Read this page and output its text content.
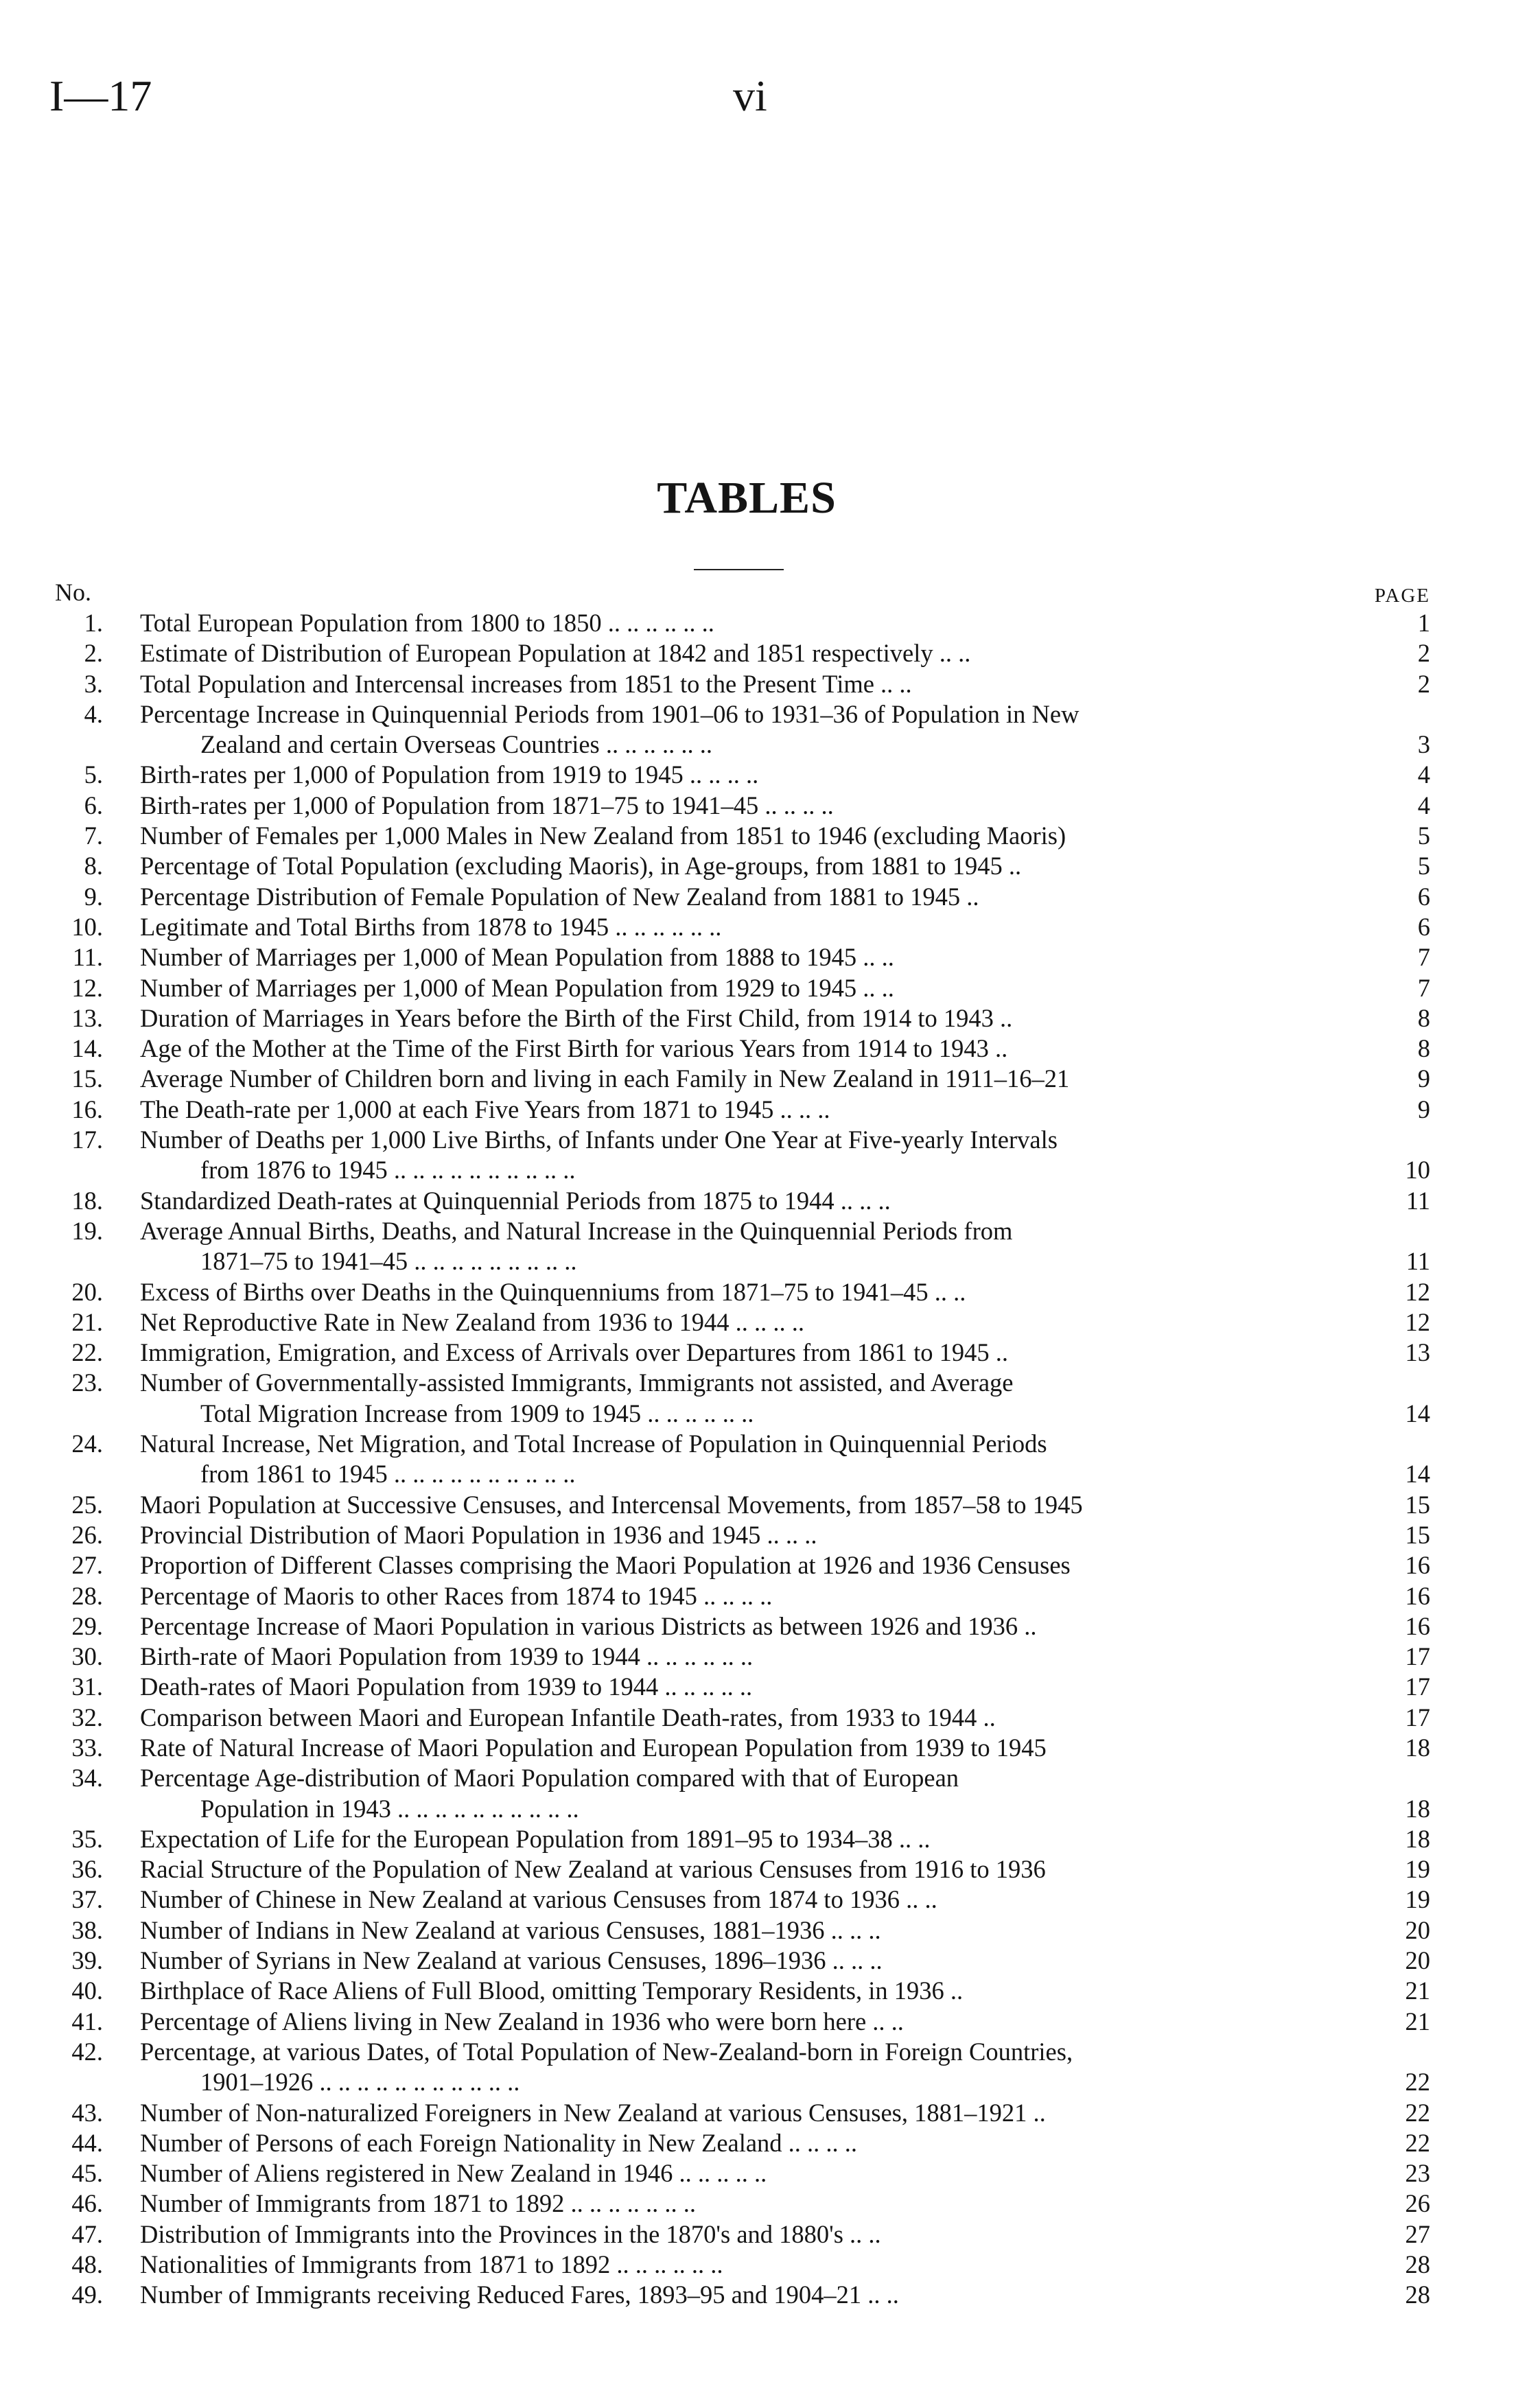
I—17	vi
TABLES
No.	PAGE
1. Total European Population from 1800 to 1850 .. .. .. .. .. ..	1
2. Estimate of Distribution of European Population at 1842 and 1851 respectively .. ..	2
3. Total Population and Intercensal increases from 1851 to the Present Time .. ..	2
4. Percentage Increase in Quinquennial Periods from 1901–06 to 1931–36 of Population in New
Zealand and certain Overseas Countries .. .. .. .. .. ..	3
5. Birth-rates per 1,000 of Population from 1919 to 1945 .. .. .. ..	4
6. Birth-rates per 1,000 of Population from 1871–75 to 1941–45 .. .. .. ..	4
7. Number of Females per 1,000 Males in New Zealand from 1851 to 1946 (excluding Maoris)	5
8. Percentage of Total Population (excluding Maoris), in Age-groups, from 1881 to 1945 ..	5
9. Percentage Distribution of Female Population of New Zealand from 1881 to 1945 ..	6
10. Legitimate and Total Births from 1878 to 1945 .. .. .. .. .. ..	6
11. Number of Marriages per 1,000 of Mean Population from 1888 to 1945 .. ..	7
12. Number of Marriages per 1,000 of Mean Population from 1929 to 1945 .. ..	7
13. Duration of Marriages in Years before the Birth of the First Child, from 1914 to 1943 ..	8
14. Age of the Mother at the Time of the First Birth for various Years from 1914 to 1943 ..	8
15. Average Number of Children born and living in each Family in New Zealand in 1911–16–21	9
16. The Death-rate per 1,000 at each Five Years from 1871 to 1945 .. .. ..	9
17. Number of Deaths per 1,000 Live Births, of Infants under One Year at Five-yearly Intervals
from 1876 to 1945 .. .. .. .. .. .. .. .. .. ..	10
18. Standardized Death-rates at Quinquennial Periods from 1875 to 1944 .. .. ..	11
19. Average Annual Births, Deaths, and Natural Increase in the Quinquennial Periods from
1871–75 to 1941–45 .. .. .. .. .. .. .. .. ..	11
20. Excess of Births over Deaths in the Quinquenniums from 1871–75 to 1941–45 .. ..	12
21. Net Reproductive Rate in New Zealand from 1936 to 1944 .. .. .. ..	12
22. Immigration, Emigration, and Excess of Arrivals over Departures from 1861 to 1945 ..	13
23. Number of Governmentally-assisted Immigrants, Immigrants not assisted, and Average
Total Migration Increase from 1909 to 1945 .. .. .. .. .. ..	14
24. Natural Increase, Net Migration, and Total Increase of Population in Quinquennial Periods
from 1861 to 1945 .. .. .. .. .. .. .. .. .. ..	14
25. Maori Population at Successive Censuses, and Intercensal Movements, from 1857–58 to 1945	15
26. Provincial Distribution of Maori Population in 1936 and 1945 .. .. ..	15
27. Proportion of Different Classes comprising the Maori Population at 1926 and 1936 Censuses	16
28. Percentage of Maoris to other Races from 1874 to 1945 .. .. .. ..	16
29. Percentage Increase of Maori Population in various Districts as between 1926 and 1936 ..	16
30. Birth-rate of Maori Population from 1939 to 1944 .. .. .. .. .. ..	17
31. Death-rates of Maori Population from 1939 to 1944 .. .. .. .. ..	17
32. Comparison between Maori and European Infantile Death-rates, from 1933 to 1944 ..	17
33. Rate of Natural Increase of Maori Population and European Population from 1939 to 1945	18
34. Percentage Age-distribution of Maori Population compared with that of European
Population in 1943 .. .. .. .. .. .. .. .. .. ..	18
35. Expectation of Life for the European Population from 1891–95 to 1934–38 .. ..	18
36. Racial Structure of the Population of New Zealand at various Censuses from 1916 to 1936	19
37. Number of Chinese in New Zealand at various Censuses from 1874 to 1936 .. ..	19
38. Number of Indians in New Zealand at various Censuses, 1881–1936 .. .. ..	20
39. Number of Syrians in New Zealand at various Censuses, 1896–1936 .. .. ..	20
40. Birthplace of Race Aliens of Full Blood, omitting Temporary Residents, in 1936 ..	21
41. Percentage of Aliens living in New Zealand in 1936 who were born here .. ..	21
42. Percentage, at various Dates, of Total Population of New-Zealand-born in Foreign Countries,
1901–1926 .. .. .. .. .. .. .. .. .. .. ..	22
43. Number of Non-naturalized Foreigners in New Zealand at various Censuses, 1881–1921 ..	22
44. Number of Persons of each Foreign Nationality in New Zealand .. .. .. ..	22
45. Number of Aliens registered in New Zealand in 1946 .. .. .. .. ..	23
46. Number of Immigrants from 1871 to 1892 .. .. .. .. .. .. ..	26
47. Distribution of Immigrants into the Provinces in the 1870's and 1880's .. ..	27
48. Nationalities of Immigrants from 1871 to 1892 .. .. .. .. .. ..	28
49. Number of Immigrants receiving Reduced Fares, 1893–95 and 1904–21 .. ..	28
